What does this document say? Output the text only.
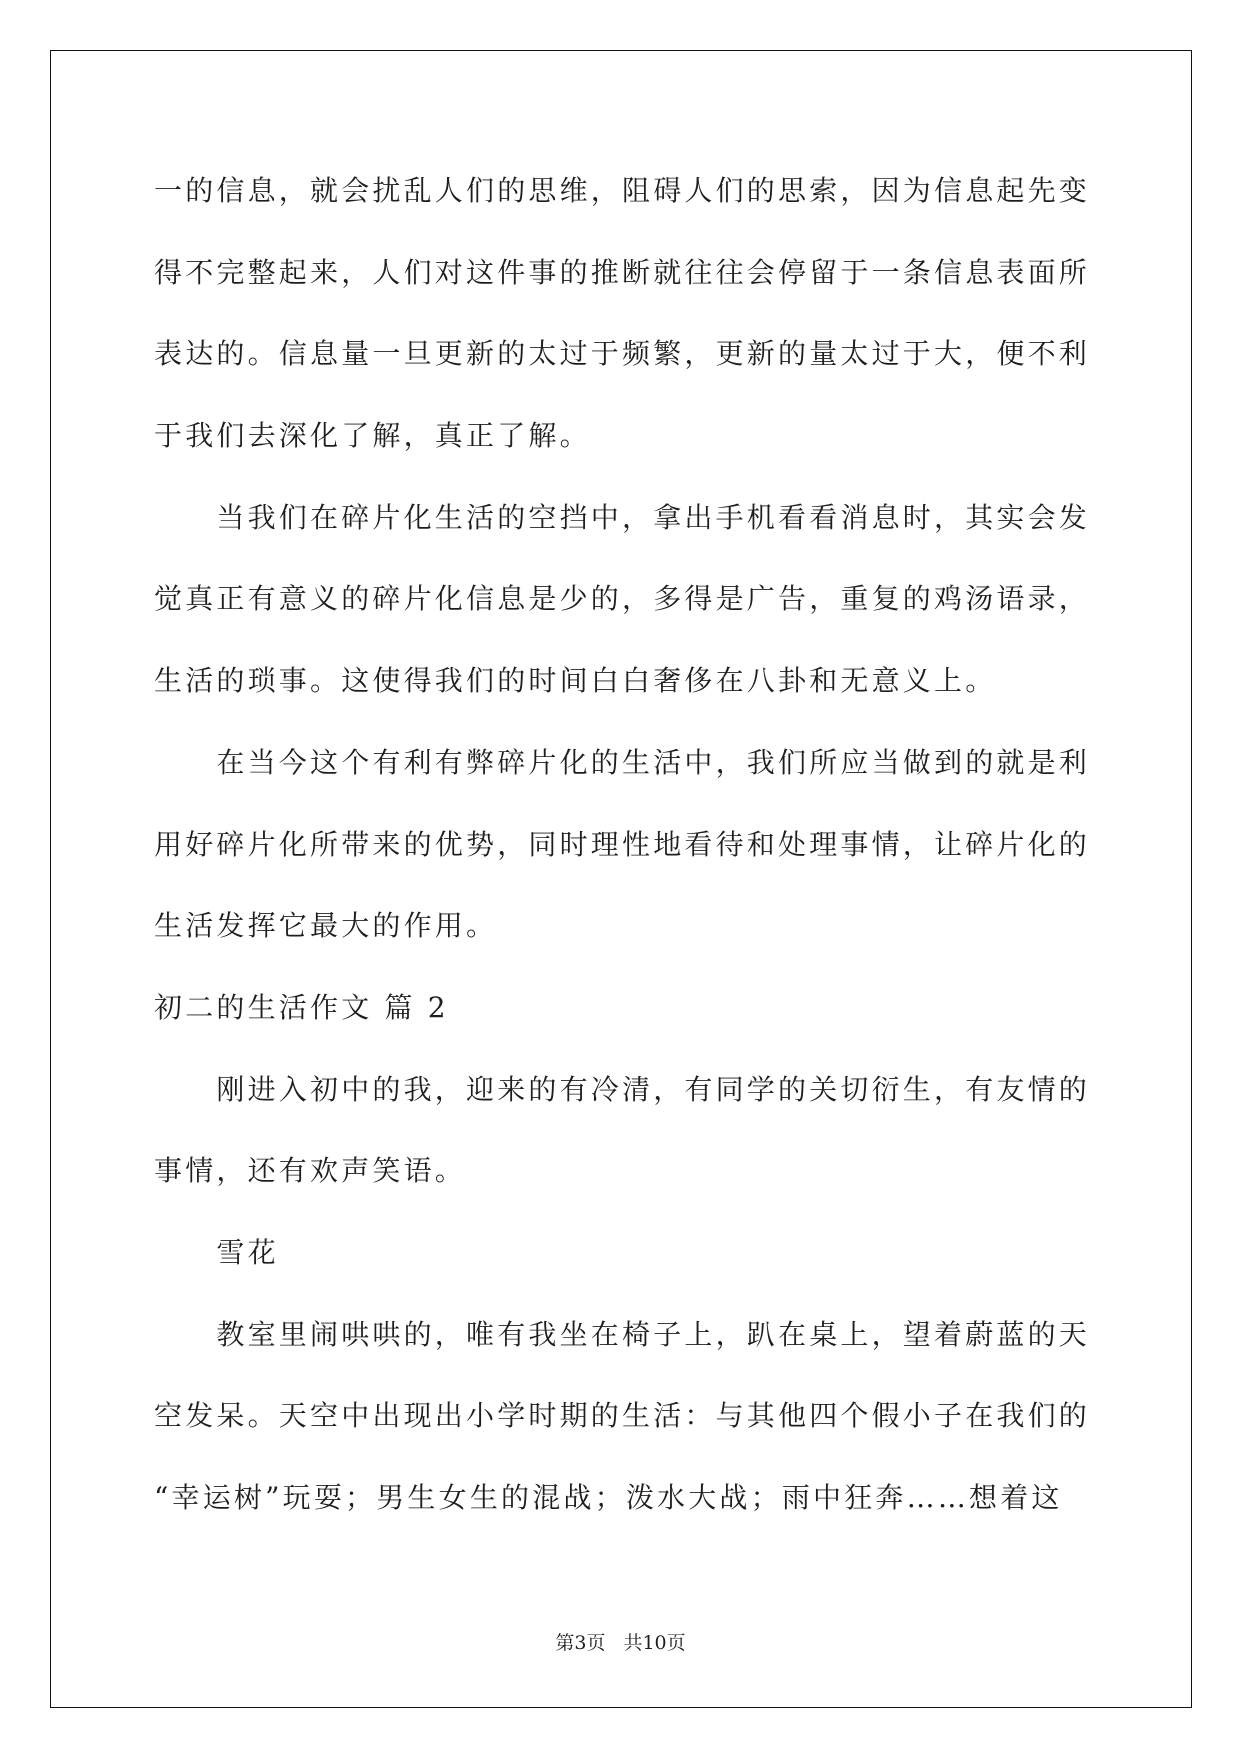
一的信息，就会扰乱人们的思维，阻碍人们的思索，因为信息起先变
得不完整起来，人们对这件事的推断就往往会停留于一条信息表面所
表达的。信息量一旦更新的太过于频繁，更新的量太过于大，便不利
于我们去深化了解，真正了解。
当我们在碎片化生活的空挡中，拿出手机看看消息时，其实会发
觉真正有意义的碎片化信息是少的，多得是广告，重复的鸡汤语录，
生活的琐事。这使得我们的时间白白奢侈在八卦和无意义上。
在当今这个有利有弊碎片化的生活中，我们所应当做到的就是利
用好碎片化所带来的优势，同时理性地看待和处理事情，让碎片化的
生活发挥它最大的作用。
初二的生活作文 篇 2
刚进入初中的我，迎来的有冷清，有同学的关切衍生，有友情的
事情，还有欢声笑语。
雪花
教室里闹哄哄的，唯有我坐在椅子上，趴在桌上，望着蔚蓝的天
空发呆。天空中出现出小学时期的生活：与其他四个假小子在我们的
“幸运树”玩耍；男生女生的混战；泼水大战；雨中狂奔……想着这
第3页 共10页
